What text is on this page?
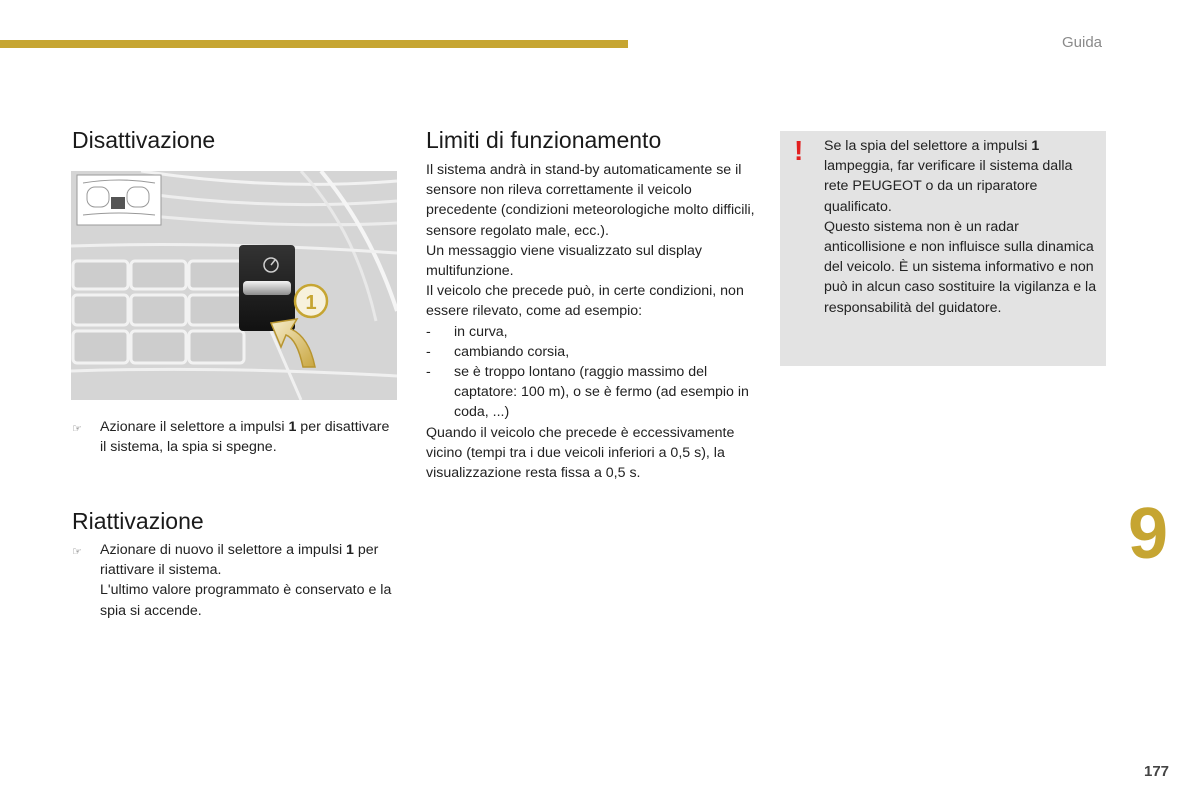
Guida
Disattivazione
1
☞	Azionare il selettore a impulsi 1 per disattivare il sistema, la spia si spegne.
Riattivazione
☞	Azionare di nuovo il selettore a impulsi 1 per riattivare il sistema.
L'ultimo valore programmato è conservato e la spia si accende.
Limiti di funzionamento

Il sistema andrà in stand-by automaticamente se il sensore non rileva correttamente il veicolo precedente (condizioni meteorologiche molto difficili, sensore regolato male, ecc.).

Un messaggio viene visualizzato sul display multifunzione.

Il veicolo che precede può, in certe condizioni, non essere rilevato, come ad esempio:

-	in curva,
-	cambiando corsia,
-	se è troppo lontano (raggio massimo del captatore: 100 m), o se è fermo (ad esempio in coda, ...)

Quando il veicolo che precede è eccessivamente vicino (tempi tra i due veicoli inferiori a 0,5 s), la visualizzazione resta fissa a 0,5 s.

! Se la spia del selettore a impulsi 1 lampeggia, far verificare il sistema dalla rete PEUGEOT o da un riparatore qualificato.

Questo sistema non è un radar anticollisione e non influisce sulla dinamica del veicolo. È un sistema informativo e non può in alcun caso sostituire la vigilanza e la responsabilità del guidatore.

9
177
